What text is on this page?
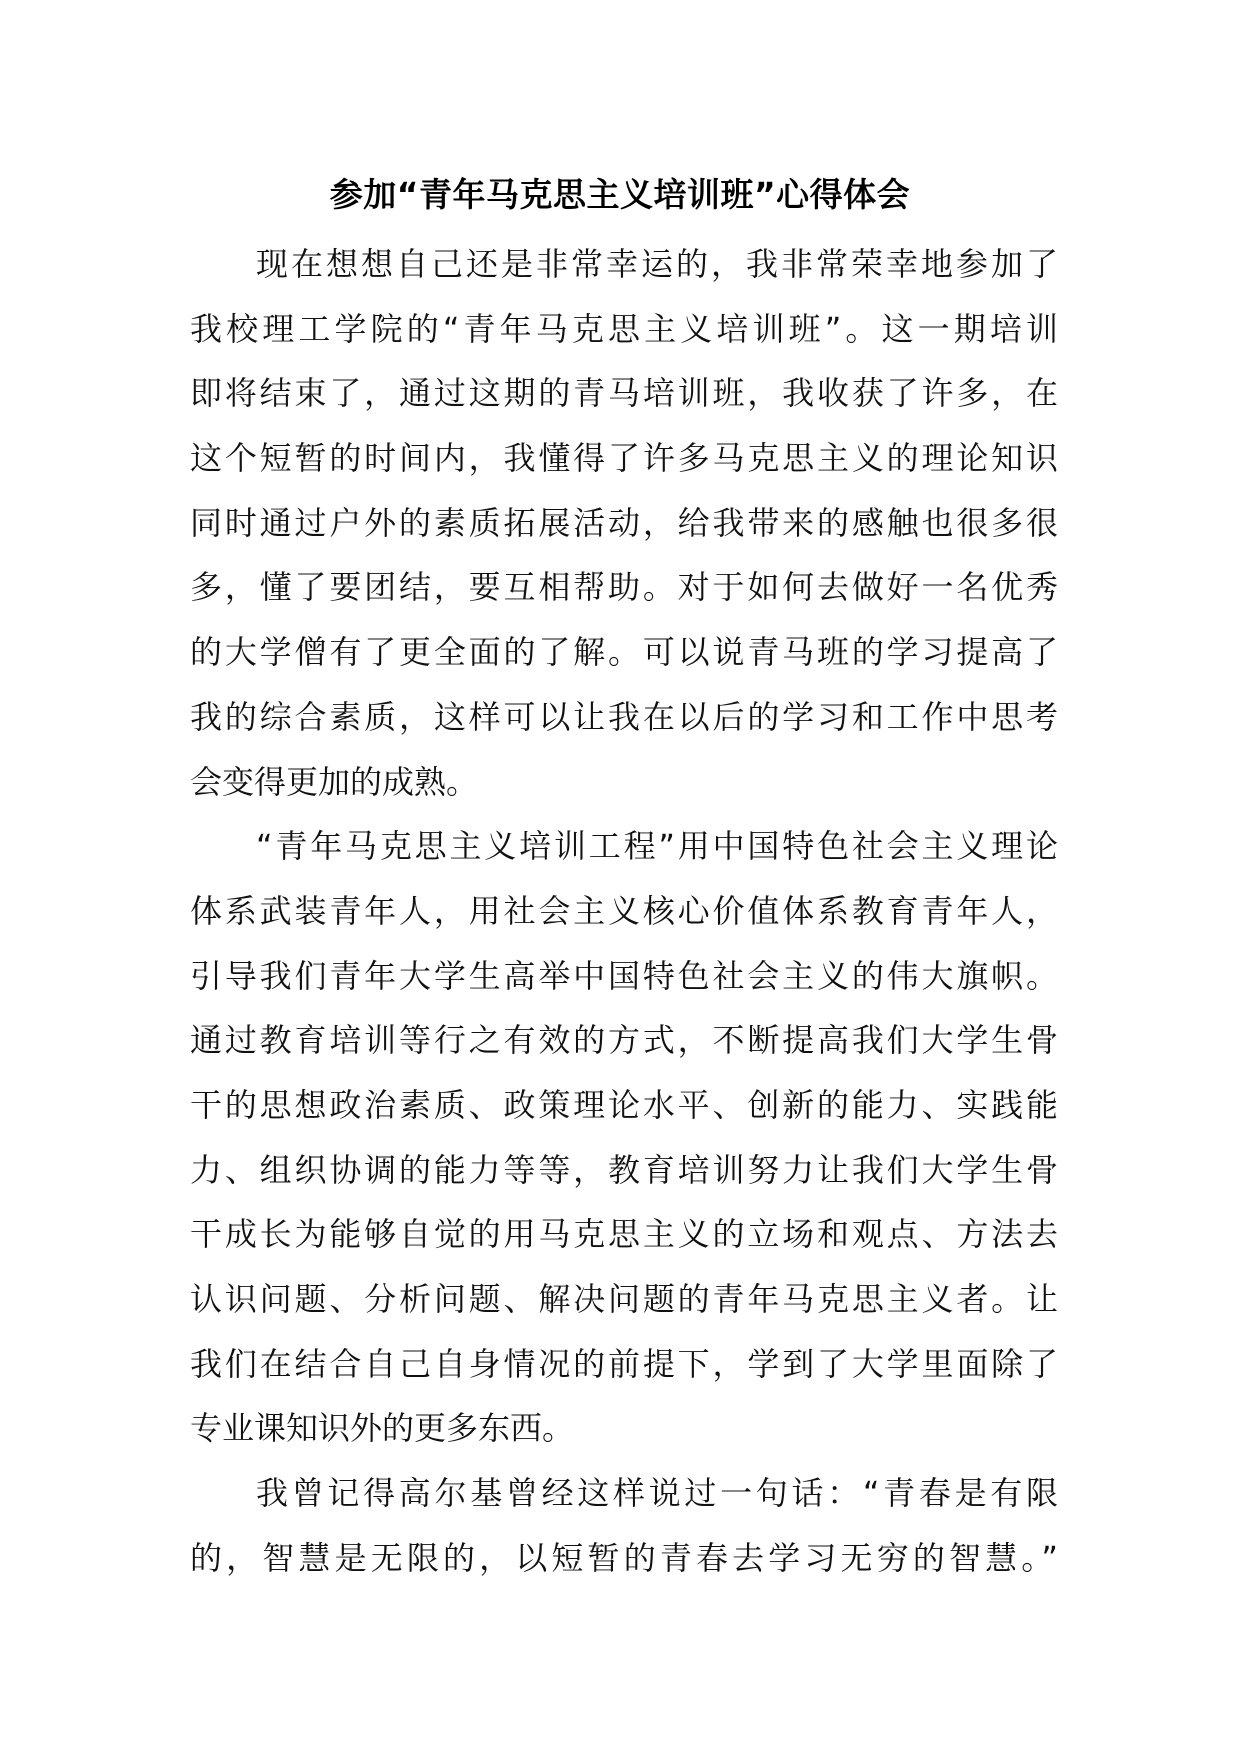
参加“青年马克思主义培训班”心得体会
现在想想自己还是非常幸运的，我非常荣幸地参加了
我校理工学院的“青年马克思主义培训班”。这一期培训
即将结束了，通过这期的青马培训班，我收获了许多，在
这个短暂的时间内，我懂得了许多马克思主义的理论知识
同时通过户外的素质拓展活动，给我带来的感触也很多很
多，懂了要团结，要互相帮助。对于如何去做好一名优秀
的大学僧有了更全面的了解。可以说青马班的学习提高了
我的综合素质，这样可以让我在以后的学习和工作中思考
会变得更加的成熟。
“青年马克思主义培训工程”用中国特色社会主义理论
体系武装青年人，用社会主义核心价值体系教育青年人，
引导我们青年大学生高举中国特色社会主义的伟大旗帜。
通过教育培训等行之有效的方式，不断提高我们大学生骨
干的思想政治素质、政策理论水平、创新的能力、实践能
力、组织协调的能力等等，教育培训努力让我们大学生骨
干成长为能够自觉的用马克思主义的立场和观点、方法去
认识问题、分析问题、解决问题的青年马克思主义者。让
我们在结合自己自身情况的前提下，学到了大学里面除了
专业课知识外的更多东西。
我曾记得高尔基曾经这样说过一句话：“青春是有限
的，智慧是无限的，以短暂的青春去学习无穷的智慧。”
